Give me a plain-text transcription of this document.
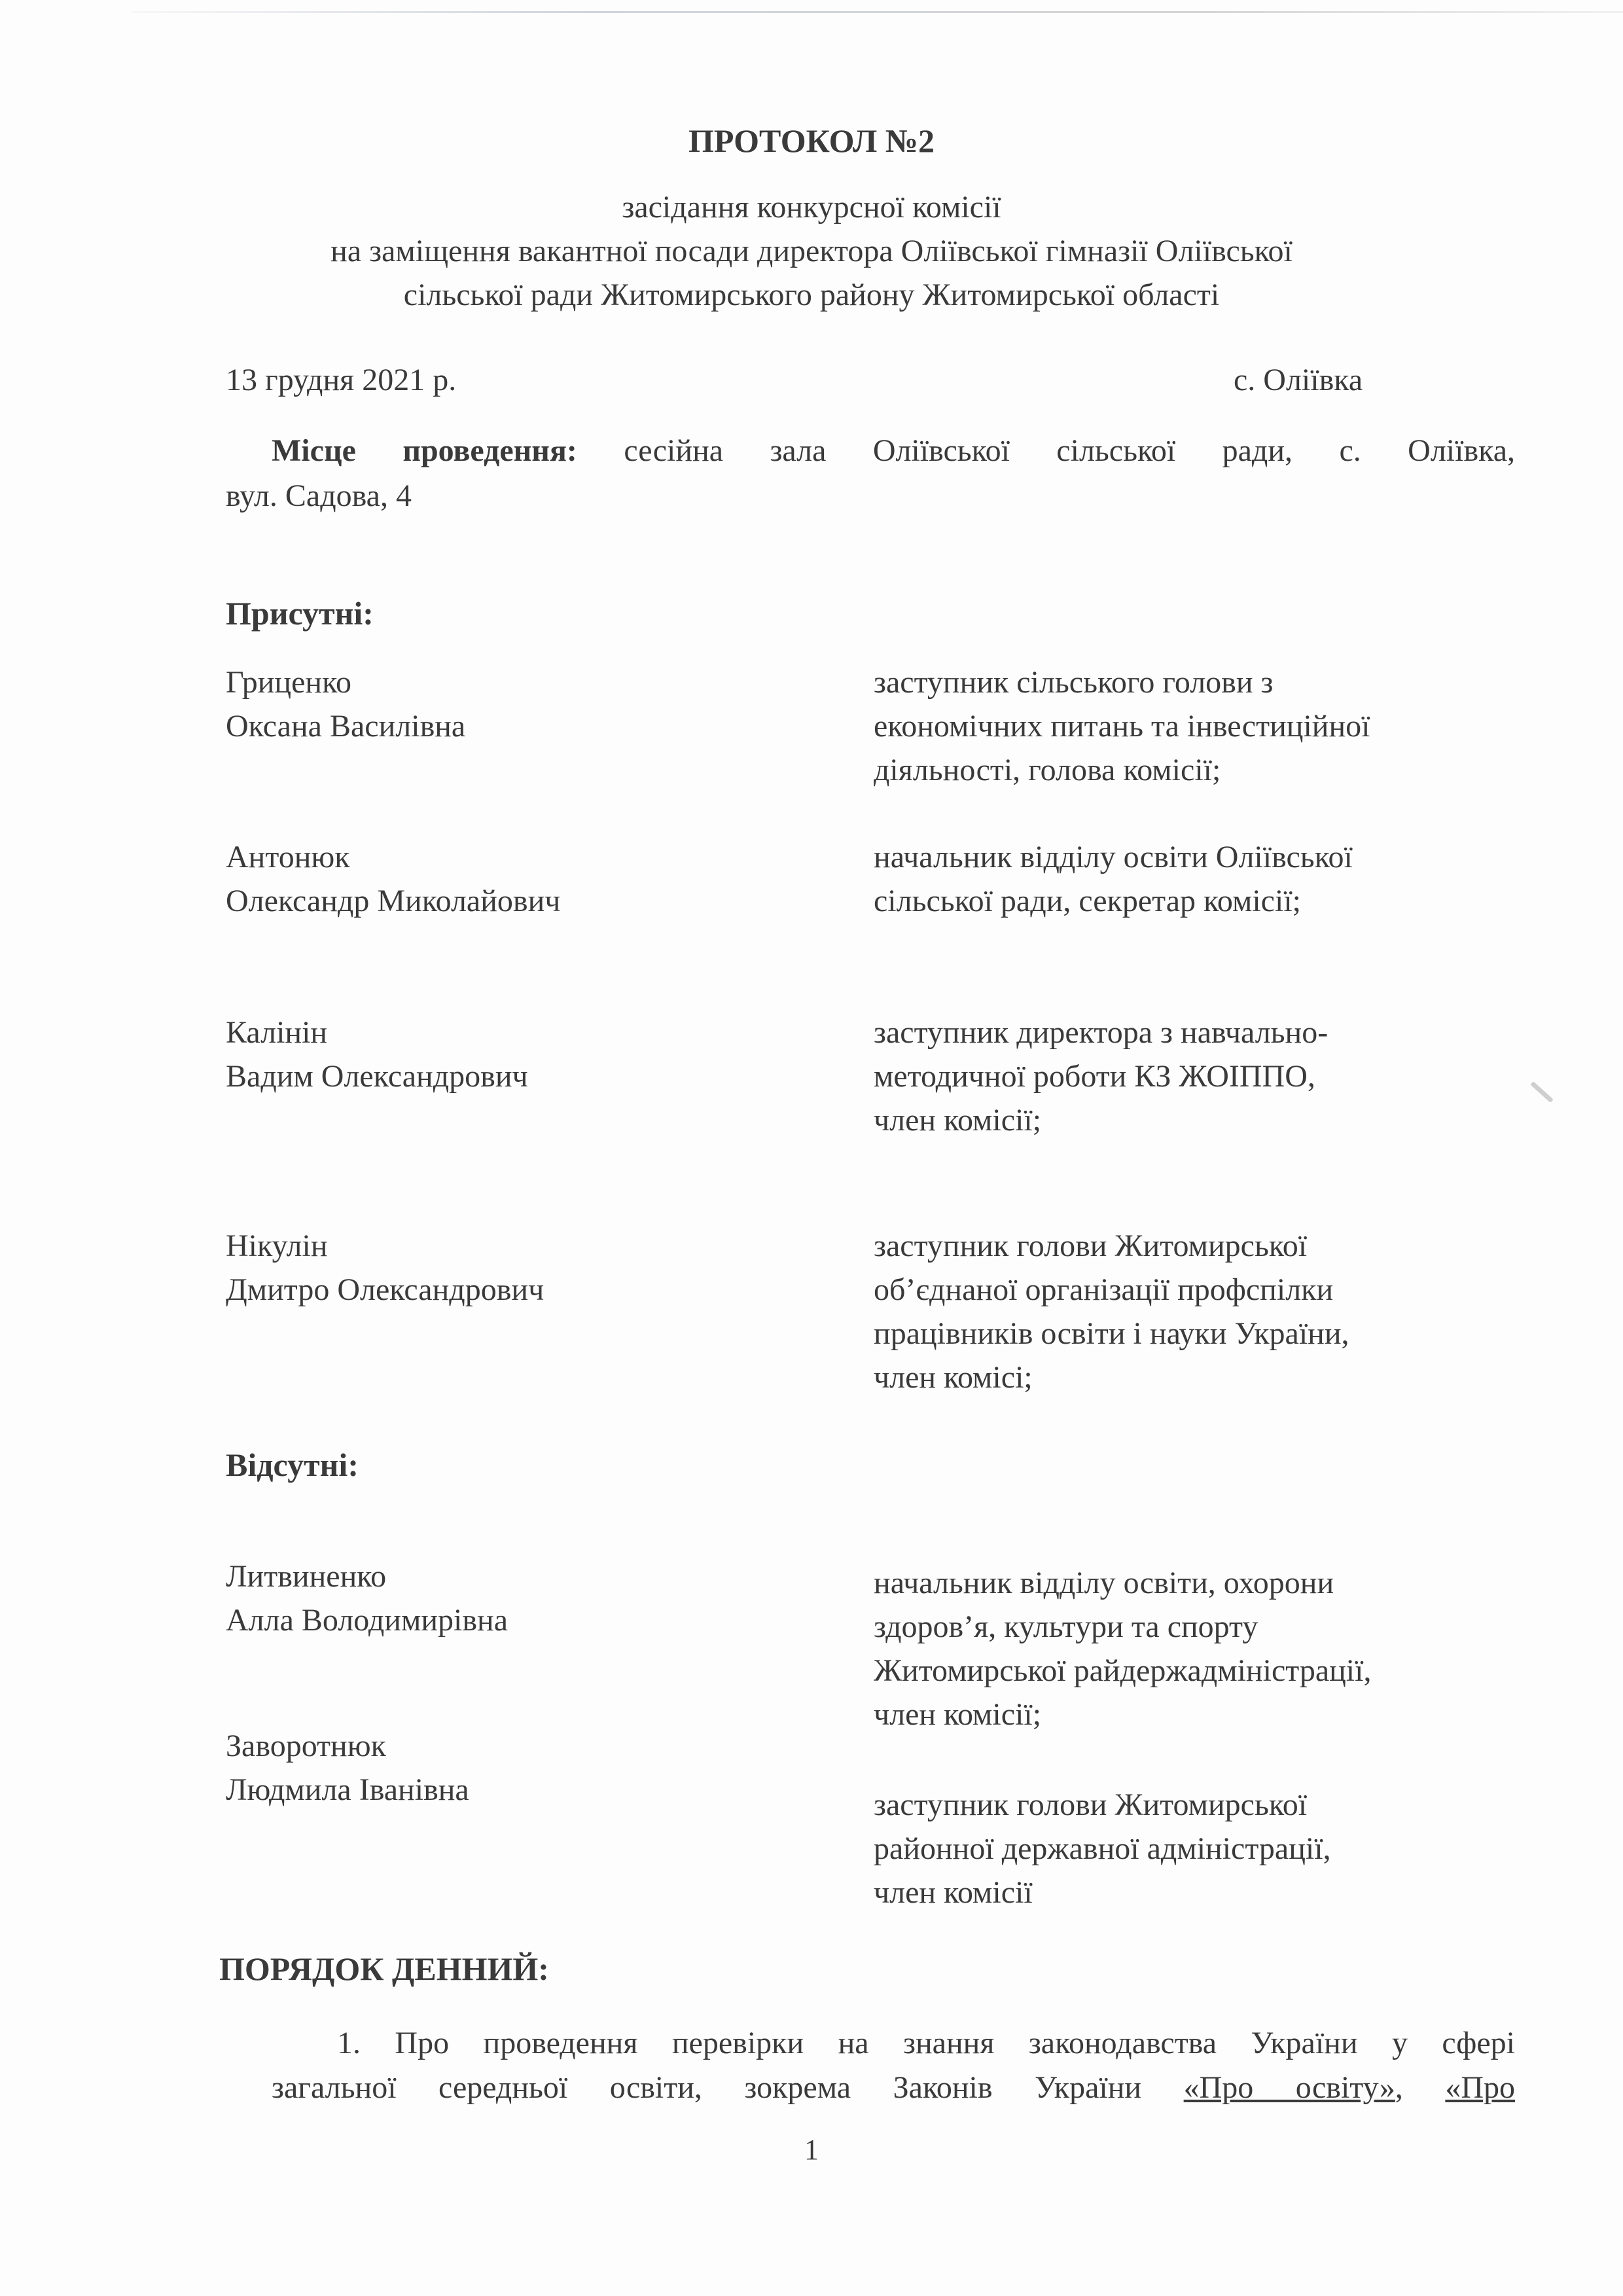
ПРОТОКОЛ №2
засідання конкурсної комісії
на заміщення вакантної посади директора Оліївської гімназії Оліївської
сільської ради Житомирського району Житомирської області
13 грудня 2021 р.	с. Оліївка
Місце проведення: сесійна зала Оліївської сільської ради, с. Оліївка,
вул. Садова, 4
Присутні:
Гриценко
Оксана Василівна
заступник сільського голови з
економічних питань та інвестиційної
діяльності, голова комісії;
Антонюк
Олександр Миколайович
начальник відділу освіти Оліївської
сільської ради, секретар комісії;
Калінін
Вадим Олександрович
заступник директора з навчально-
методичної роботи КЗ ЖОІППО,
член комісії;
Нікулін
Дмитро Олександрович
заступник голови Житомирської
об’єднаної організації профспілки
працівників освіти і науки України,
член комісі;
Відсутні:
Литвиненко
Алла Володимирівна
начальник відділу освіти, охорони
здоров’я, культури та спорту
Житомирської райдержадміністрації,
член комісії;
Заворотнюк
Людмила Іванівна	заступник голови Житомирської
районної державної адміністрації,
член комісії
ПОРЯДОК ДЕННИЙ:
1. Про проведення перевірки на знання законодавства України у сфері
загальної середньої освіти, зокрема Законів України «Про освіту», «Про
1
